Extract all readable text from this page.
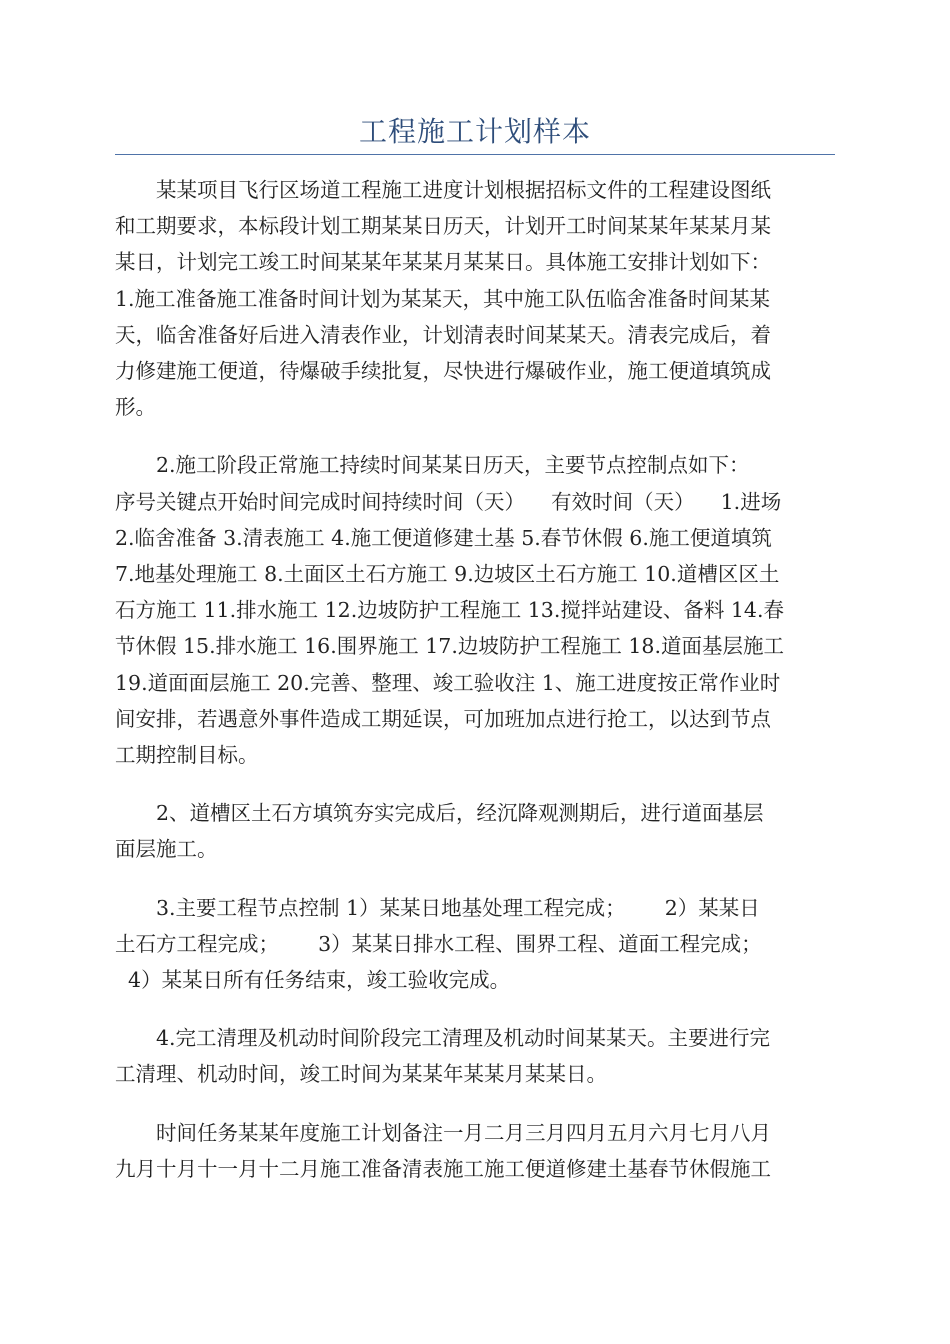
工程施工计划样本
某某项目飞行区场道工程施工进度计划根据招标文件的工程建设图纸
和工期要求，本标段计划工期某某日历天，计划开工时间某某年某某月某
某日，计划完工竣工时间某某年某某月某某日。具体施工安排计划如下：
1.施工准备施工准备时间计划为某某天，其中施工队伍临舍准备时间某某
天，临舍准备好后进入清表作业，计划清表时间某某天。清表完成后，着
力修建施工便道，待爆破手续批复，尽快进行爆破作业，施工便道填筑成
形。
2.施工阶段正常施工持续时间某某日历天，主要节点控制点如下：
序号关键点开始时间完成时间持续时间（天）    有效时间（天）    1.进场
2.临舍准备 3.清表施工 4.施工便道修建土基 5.春节休假 6.施工便道填筑
7.地基处理施工 8.土面区土石方施工 9.边坡区土石方施工 10.道槽区区土
石方施工 11.排水施工 12.边坡防护工程施工 13.搅拌站建设、备料 14.春
节休假 15.排水施工 16.围界施工 17.边坡防护工程施工 18.道面基层施工
19.道面面层施工 20.完善、整理、竣工验收注 1、施工进度按正常作业时
间安排，若遇意外事件造成工期延误，可加班加点进行抢工，以达到节点
工期控制目标。
2、道槽区土石方填筑夯实完成后，经沉降观测期后，进行道面基层
面层施工。
3.主要工程节点控制 1）某某日地基处理工程完成；      2）某某日
土石方工程完成；      3）某某日排水工程、围界工程、道面工程完成；
4）某某日所有任务结束，竣工验收完成。
4.完工清理及机动时间阶段完工清理及机动时间某某天。主要进行完
工清理、机动时间，竣工时间为某某年某某月某某日。
时间任务某某年度施工计划备注一月二月三月四月五月六月七月八月
九月十月十一月十二月施工准备清表施工施工便道修建土基春节休假施工
